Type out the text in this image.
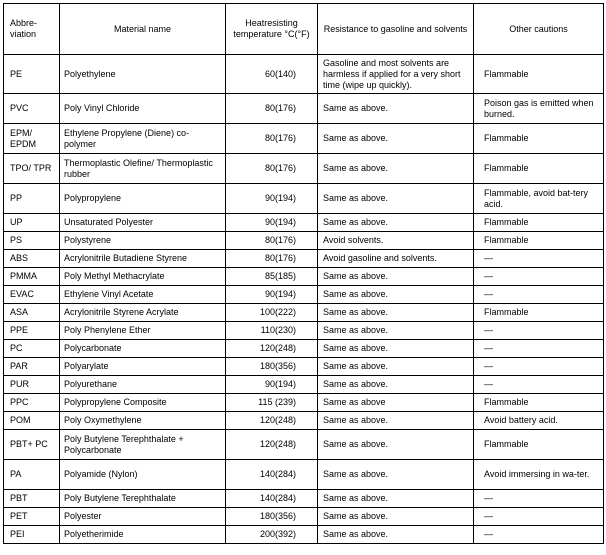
Abbre-
viation	Material name	Heatresisting temperature °C(°F)	Resistance to gasoline and solvents	Other cautions
PE	Polyethylene	60(140)	Gasoline and most solvents are harmless if applied for a very short time (wipe up quickly).	Flammable
PVC	Poly Vinyl Chloride	80(176)	Same as above.	Poison gas is emitted when burned.
EPM/ EPDM	Ethylene Propylene (Diene) co-polymer	80(176)	Same as above.	Flammable
TPO/ TPR	Thermoplastic Olefine/ Thermoplastic rubber	80(176)	Same as above.	Flammable
PP	Polypropylene	90(194)	Same as above.	Flammable, avoid bat-tery acid.
UP	Unsaturated Polyester	90(194)	Same as above.	Flammable
PS	Polystyrene	80(176)	Avoid solvents.	Flammable
ABS	Acrylonitrile Butadiene Styrene	80(176)	Avoid gasoline and solvents.	—
PMMA	Poly Methyl Methacrylate	85(185)	Same as above.	—
EVAC	Ethylene Vinyl Acetate	90(194)	Same as above.	—
ASA	Acrylonitrile Styrene Acrylate	100(222)	Same as above.	Flammable
PPE	Poly Phenylene Ether	110(230)	Same as above.	—
PC	Polycarbonate	120(248)	Same as above.	—
PAR	Polyarylate	180(356)	Same as above.	—
PUR	Polyurethane	90(194)	Same as above.	—
PPC	Polypropylene Composite	115 (239)	Same as above	Flammable
POM	Poly Oxymethylene	120(248)	Same as above.	Avoid battery acid.
PBT+ PC	Poly Butylene Terephthalate + Polycarbonate	120(248)	Same as above.	Flammable
PA	Polyamide (Nylon)	140(284)	Same as above.	Avoid immersing in wa-ter.
PBT	Poly Butylene Terephthalate	140(284)	Same as above.	—
PET	Polyester	180(356)	Same as above.	—
PEI	Polyetherimide	200(392)	Same as above.	—
